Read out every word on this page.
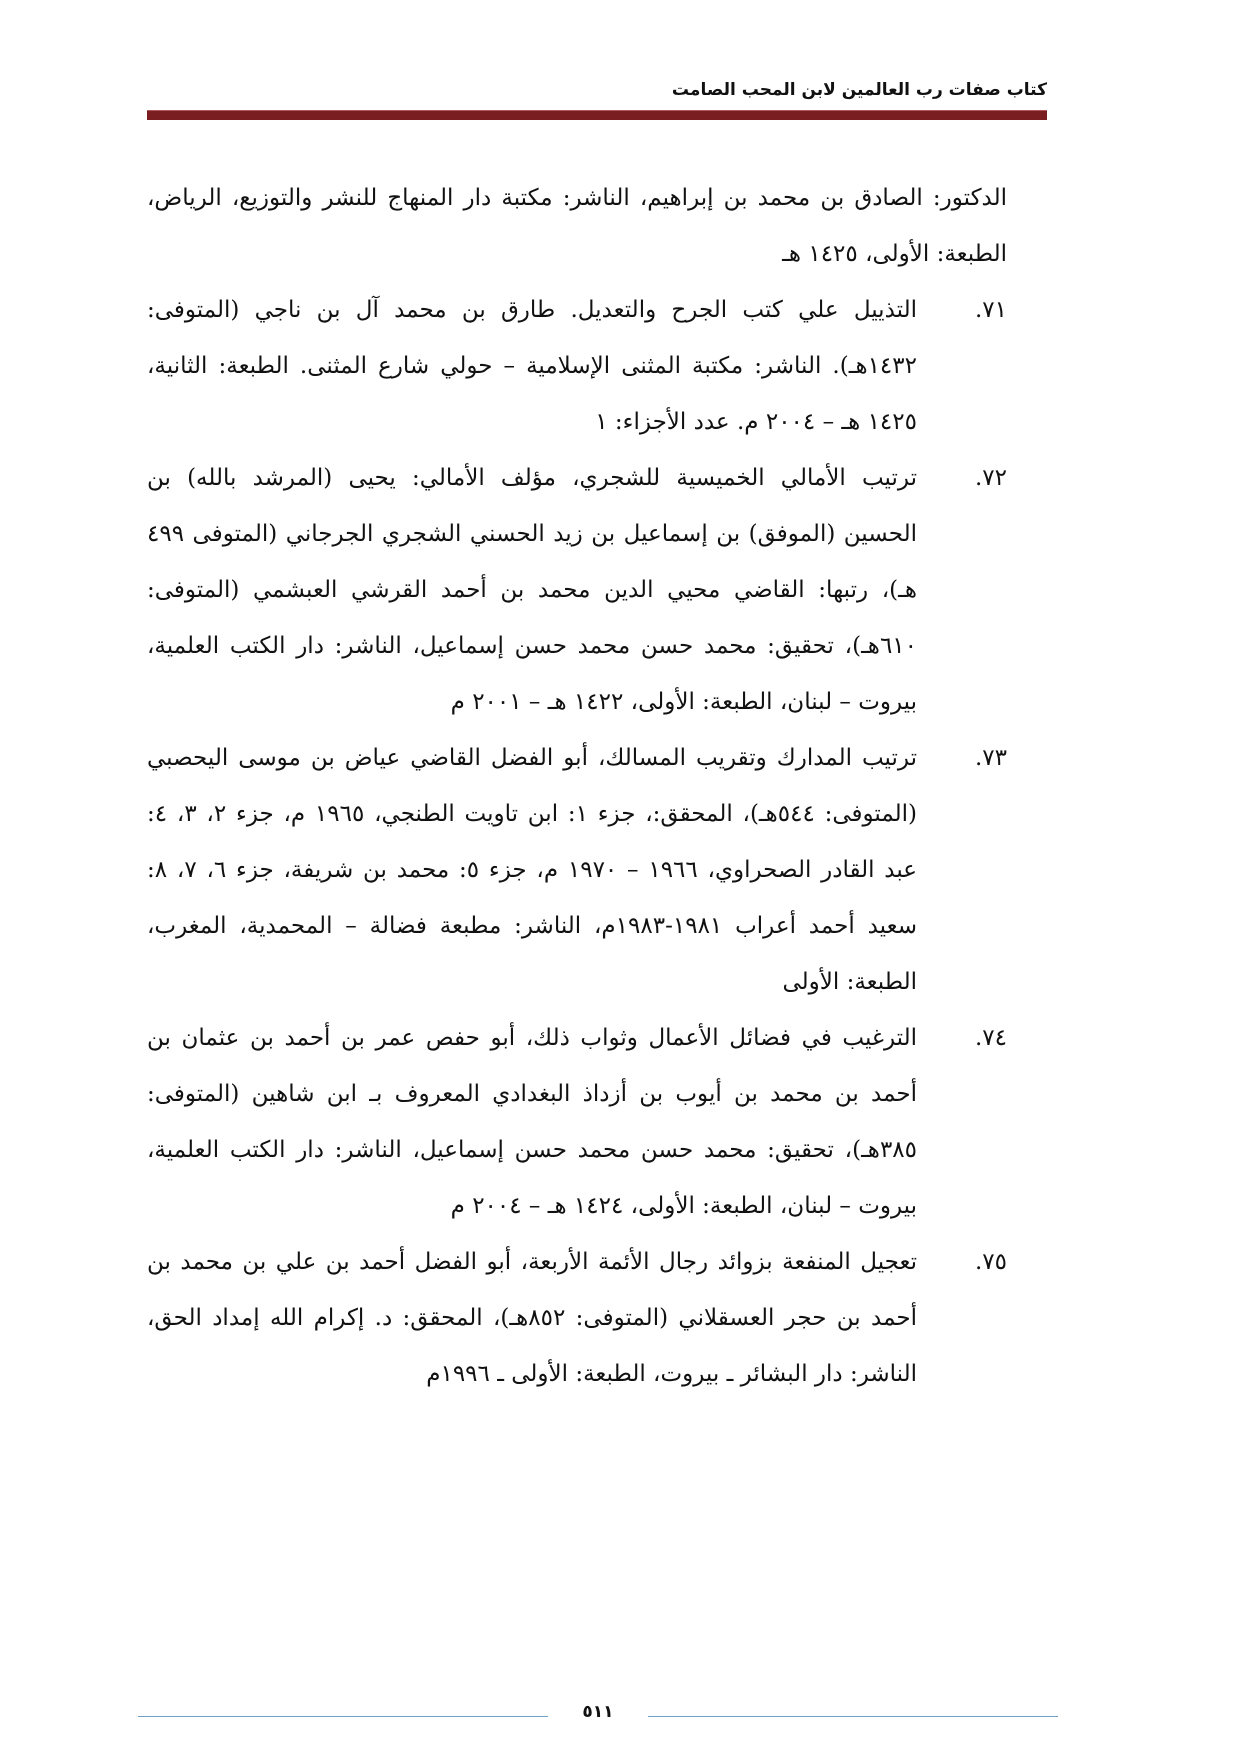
كتاب صفات رب العالمين لابن المحب الصامت

الدكتور: الصادق بن محمد بن إبراهيم، الناشر: مكتبة دار المنهاج للنشر والتوزيع، الرياض، الطبعة: الأولى، ١٤٢٥ هـ

٧١.
التذييل علي كتب الجرح والتعديل. طارق بن محمد آل بن ناجي (المتوفى: ١٤٣٢هـ). الناشر: مكتبة المثنى الإسلامية – حولي شارع المثنى. الطبعة: الثانية، ١٤٢٥ هـ – ٢٠٠٤ م. عدد الأجزاء: ١
٧٢.
ترتيب الأمالي الخميسية للشجري، مؤلف الأمالي: يحيى (المرشد بالله) بن الحسين (الموفق) بن إسماعيل بن زيد الحسني الشجري الجرجاني (المتوفى ٤٩٩ هـ)، رتبها: القاضي محيي الدين محمد بن أحمد القرشي العبشمي (المتوفى: ٦١٠هـ)، تحقيق: محمد حسن محمد حسن إسماعيل، الناشر: دار الكتب العلمية، بيروت – لبنان، الطبعة: الأولى، ١٤٢٢ هـ – ٢٠٠١ م
٧٣.
ترتيب المدارك وتقريب المسالك، أبو الفضل القاضي عياض بن موسى اليحصبي (المتوفى: ٥٤٤هـ)، المحقق:، جزء ١: ابن تاويت الطنجي، ١٩٦٥ م، جزء ٢، ٣، ٤: عبد القادر الصحراوي، ١٩٦٦ – ١٩٧٠ م، جزء ٥: محمد بن شريفة، جزء ٦، ٧، ٨: سعيد أحمد أعراب ١٩٨١-١٩٨٣م، الناشر: مطبعة فضالة – المحمدية، المغرب، الطبعة: الأولى
٧٤.
الترغيب في فضائل الأعمال وثواب ذلك، أبو حفص عمر بن أحمد بن عثمان بن أحمد بن محمد بن أيوب بن أزداذ البغدادي المعروف بـ ابن شاهين (المتوفى: ٣٨٥هـ)، تحقيق: محمد حسن محمد حسن إسماعيل، الناشر: دار الكتب العلمية، بيروت – لبنان، الطبعة: الأولى، ١٤٢٤ هـ – ٢٠٠٤ م
٧٥.
تعجيل المنفعة بزوائد رجال الأئمة الأربعة، أبو الفضل أحمد بن علي بن محمد بن أحمد بن حجر العسقلاني (المتوفى: ٨٥٢هـ)، المحقق: د. إكرام الله إمداد الحق، الناشر: دار البشائر ـ بيروت، الطبعة: الأولى ـ ١٩٩٦م
٥١١
